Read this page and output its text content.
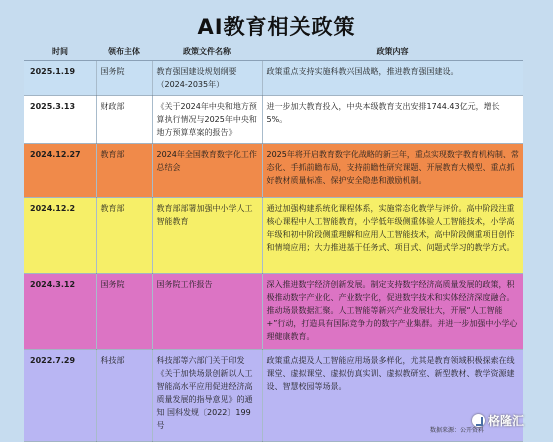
AI教育相关政策
时间	领布主体	政策文件名称	政策内容
2025.1.19	国务院	教育强国建设规划纲要（2024-2035年）	政策重点支持实施科教兴国战略，推进教育强国建设。
2025.3.13	财政部	《关于2024年中央和地方预算执行情况与2025年中央和地方预算草案的报告》	进一步加大教育投入，中央本级教育支出安排1744.43亿元，增长5%。
2024.12.27	教育部	2024年全国教育数字化工作总结会	2025年将开启教育数字化战略的新三年，重点实现数字教育机构制、常态化、手抓前瞻布局，支持前瞻性研究课题、开展教育大模型、重点抓好教材质量标准、保护安全隐患和激励机制。
2024.12.2	教育部	教育部部署加强中小学人工智能教育	通过加强构建系统化课程体系，实施常态化教学与评价。高中阶段注重核心课程中人工智能教育，小学低年级侧重体验人工智能技术，小学高年级和初中阶段侧重理解和应用人工智能技术，高中阶段侧重项目创作和情境应用；大力推进基于任务式、项目式、问题式学习的教学方式。
2024.3.12	国务院	国务院工作报告	深入推进数字经济创新发展。制定支持数字经济高质量发展的政策，积极推动数字产业化、产业数字化，促进数字技术和实体经济深度融合。推动场景数据汇聚。人工智能等新兴产业发展壮大，开展“人工智能+”行动，打造具有国际竞争力的数字产业集群。并进一步加强中小学心理健康教育。
2022.7.29	科技部	科技部等六部门关于印发《关于加快场景创新以人工智能高水平应用促进经济高质量发展的指导意见》的通知 国科发规〔2022〕199号	政策重点提及人工智能应用场景多样化，尤其是教育领域积极探索在线课堂、虚拟课堂、虚拟仿真实训、虚拟教研室、新型教材、教学资源建设、智慧校园等场景。
数据来源：公开资料
格隆汇
